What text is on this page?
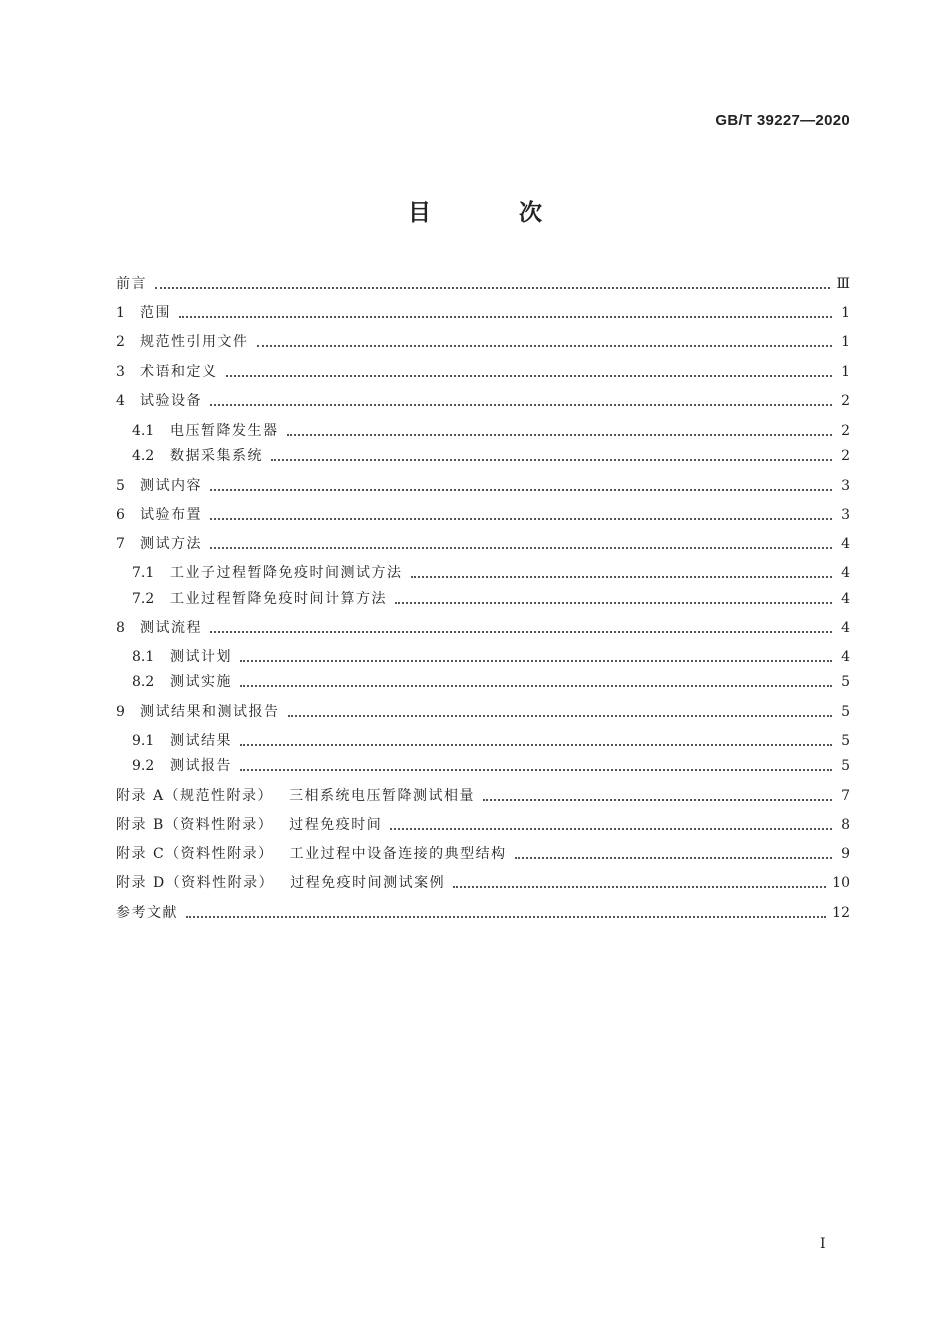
GB/T 39227—2020
目 次
前言	Ⅲ
1	范围	1
2	规范性引用文件	1
3	术语和定义	1
4	试验设备	2
4.1	电压暂降发生器	2
4.2	数据采集系统	2
5	测试内容	3
6	试验布置	3
7	测试方法	4
7.1	工业子过程暂降免疫时间测试方法	4
7.2	工业过程暂降免疫时间计算方法	4
8	测试流程	4
8.1	测试计划	4
8.2	测试实施	5
9	测试结果和测试报告	5
9.1	测试结果	5
9.2	测试报告	5
附录 A（规范性附录） 三相系统电压暂降测试相量	7
附录 B（资料性附录） 过程免疫时间	8
附录 C（资料性附录） 工业过程中设备连接的典型结构	9
附录 D（资料性附录） 过程免疫时间测试案例	10
参考文献	12
I
